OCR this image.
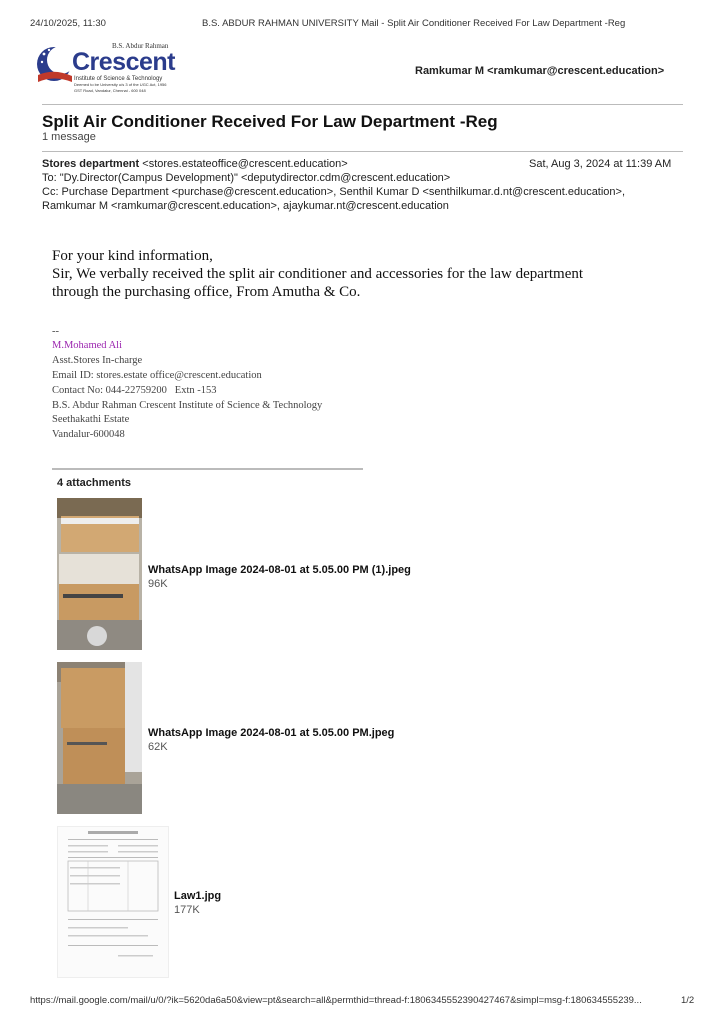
24/10/2025, 11:30	B.S. ABDUR RAHMAN UNIVERSITY Mail - Split Air Conditioner Received For Law Department -Reg
B.S. Abdur Rahman
Crescent
Institute of Science & Technology
Deemed to be University u/s 3 of the UGC Act, 1956
GST Road, Vandalur, Chennai - 600 048
Ramkumar M <ramkumar@crescent.education>
Split Air Conditioner Received For Law Department -Reg
1 message
Stores department <stores.estateoffice@crescent.education>	Sat, Aug 3, 2024 at 11:39 AM
To: "Dy.Director(Campus Development)" <deputydirector.cdm@crescent.education>
Cc: Purchase Department <purchase@crescent.education>, Senthil Kumar D <senthilkumar.d.nt@crescent.education>,
Ramkumar M <ramkumar@crescent.education>, ajaykumar.nt@crescent.education
For your kind information,
Sir, We verbally received the split air conditioner and accessories for the law department
through the purchasing office, From Amutha & Co.
--
M.Mohamed Ali
Asst.Stores In-charge
Email ID: stores.estate office@crescent.education
Contact No: 044-22759200   Extn -153
B.S. Abdur Rahman Crescent Institute of Science & Technology
Seethakathi Estate
Vandalur-600048
4 attachments
WhatsApp Image 2024-08-01 at 5.05.00 PM (1).jpeg
96K
WhatsApp Image 2024-08-01 at 5.05.00 PM.jpeg
62K
Law1.jpg
177K
https://mail.google.com/mail/u/0/?ik=5620da6a50&view=pt&search=all&permthid=thread-f:1806345552390427467&simpl=msg-f:180634555239...	1/2
